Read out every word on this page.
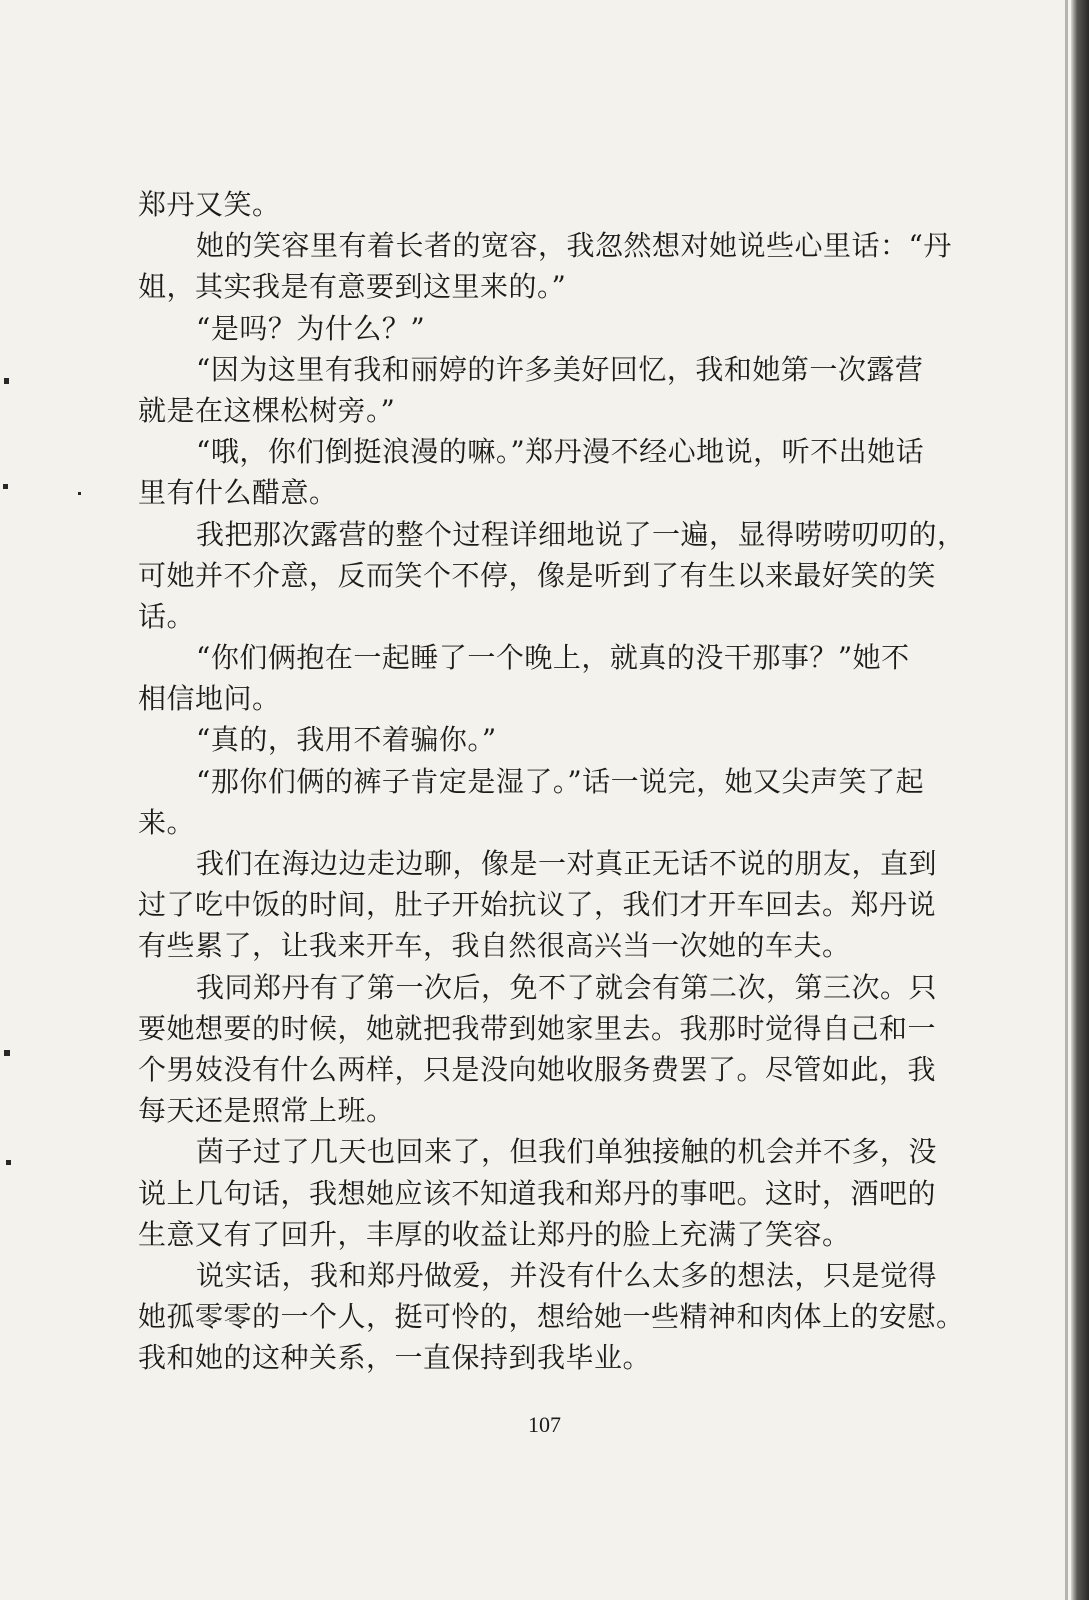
郑丹又笑。
她的笑容里有着长者的宽容，我忽然想对她说些心里话：“丹
姐，其实我是有意要到这里来的。”
“是吗？为什么？”
“因为这里有我和丽婷的许多美好回忆，我和她第一次露营
就是在这棵松树旁。”
“哦，你们倒挺浪漫的嘛。”郑丹漫不经心地说，听不出她话
里有什么醋意。
我把那次露营的整个过程详细地说了一遍，显得唠唠叨叨的，
可她并不介意，反而笑个不停，像是听到了有生以来最好笑的笑
话。
“你们俩抱在一起睡了一个晚上，就真的没干那事？”她不
相信地问。
“真的，我用不着骗你。”
“那你们俩的裤子肯定是湿了。”话一说完，她又尖声笑了起
来。
我们在海边边走边聊，像是一对真正无话不说的朋友，直到
过了吃中饭的时间，肚子开始抗议了，我们才开车回去。郑丹说
有些累了，让我来开车，我自然很高兴当一次她的车夫。
我同郑丹有了第一次后，免不了就会有第二次，第三次。只
要她想要的时候，她就把我带到她家里去。我那时觉得自己和一
个男妓没有什么两样，只是没向她收服务费罢了。尽管如此，我
每天还是照常上班。
茵子过了几天也回来了，但我们单独接触的机会并不多，没
说上几句话，我想她应该不知道我和郑丹的事吧。这时，酒吧的
生意又有了回升，丰厚的收益让郑丹的脸上充满了笑容。
说实话，我和郑丹做爱，并没有什么太多的想法，只是觉得
她孤零零的一个人，挺可怜的，想给她一些精神和肉体上的安慰。
我和她的这种关系，一直保持到我毕业。
107
